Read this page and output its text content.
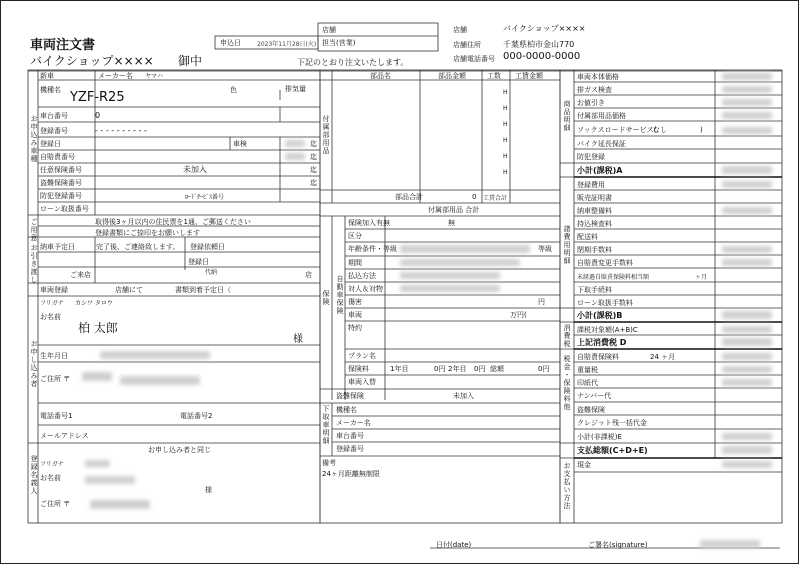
車両注文書
バイクショップ×××× 御中
申込日	2023年11月28日(火)
店舗
担当(営業)
下記のとおり注文いたします。
店舗	バイクショップ××××
店舗住所	千葉県柏市金山770
店舗電話番号 000-0000-0000
お申込み車種
ご用意
お引き渡し
お申し込み者
登録名義人
付属部用品
保険 自動車保険
下取車明細
商品明細
諸費用明細
消費税
税金・保険料他
お支払い方法
新車	メーカー名 ヤマハ
機種名 YZF-R25	色	排気量
車台番号	0
登録番号	- - - - - - - - - -
登録日	車検	迄
自賠責番号	迄
任意保険番号	未加入	迄
盗難保険番号	迄
防犯登録番号	ﾛｰﾄﾞｻｰﾋﾞｽ番号
ローン取扱番号
取得後3ヶ月以内の住民票を1通、ご郵送ください
登録書類にご捺印をお願いします
納車予定日	完了後、ご連絡致します。 登録依頼日
登録日
ご来店	代納	店
車両登録	店舗にて	書類到着予定日（
フリガナ カシワ タロウ
お名前
柏 太郎
様
生年月日
ご住所 〒
電話番号1	電話番号2
メールアドレス
お申し込み者と同じ
フリガナ
お名前
様
ご住所 〒
部品名	部品金額	工数 工賃金額
H
H
H
H
H
H
部品合計	0 工賃合計
付属部用品 合計
保険加入有無	無
区分
年齢条件・等級	等級
期間
払込方法
対人＆対物
傷害	円
車両	万円(
特約
プラン名
保険料	1年目	0円 2年目 0円 総額	0円
車両入替
盗難保険	未加入
機種名
メーカー名
車台番号
登録番号
備考
24ヶ月距離無制限
車両本体価格
排ガス検査
お値引き
付属部用品価格
ソックスロードサービス(
なし	)
バイク延長保証
防犯登録
小計(課税)A
登録費用
販売証明書
納車整備料
持込検査料
配送料
閉期手数料
自賠責変更手数料
未経過自賠責保険料相当額	ヶ月
下取手続料
ローン取扱手数料
小計(課税)B
課税対象額(A+B)C
上記消費税 D
自賠責保険料	24 ヶ月
重量税
印紙代
ナンバー代
盗難保険
クレジット残一括代金
小計(非課税)E
支払総額(C+D+E)
現金
日付(date)	ご署名(signature)
